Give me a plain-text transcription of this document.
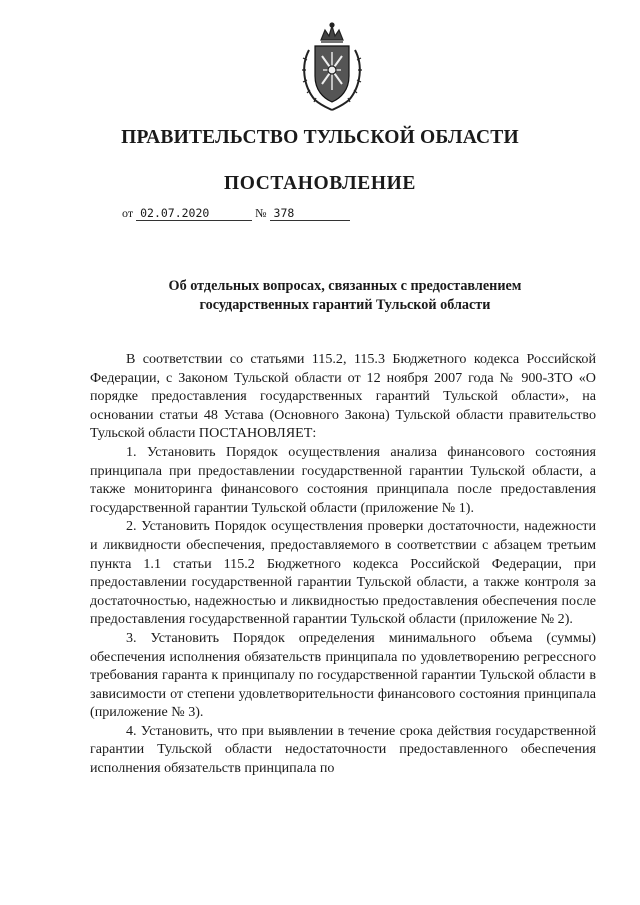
ПРАВИТЕЛЬСТВО ТУЛЬСКОЙ ОБЛАСТИ
ПОСТАНОВЛЕНИЕ
от 02.07.2020	№ 378
Об отдельных вопросах, связанных с предоставлением
государственных гарантий Тульской области

В соответствии со статьями 115.2, 115.3 Бюджетного кодекса Российской Федерации, с Законом Тульской области от 12 ноября 2007 года № 900-ЗТО «О порядке предоставления государственных гарантий Тульской области», на основании статьи 48 Устава (Основного Закона) Тульской области правительство Тульской области ПОСТАНОВЛЯЕТ:

1. Установить Порядок осуществления анализа финансового состояния принципала при предоставлении государственной гарантии Тульской области, а также мониторинга финансового состояния принципала после предоставления государственной гарантии Тульской области (приложение № 1).

2. Установить Порядок осуществления проверки достаточности, надежности и ликвидности обеспечения, предоставляемого в соответствии с абзацем третьим пункта 1.1 статьи 115.2 Бюджетного кодекса Российской Федерации, при предоставлении государственной гарантии Тульской области, а также контроля за достаточностью, надежностью и ликвидностью предоставления обеспечения после предоставления государственной гарантии Тульской области (приложение № 2).

3. Установить Порядок определения минимального объема (суммы) обеспечения исполнения обязательств принципала по удовлетворению регрессного требования гаранта к принципалу по государственной гарантии Тульской области в зависимости от степени удовлетворительности финансового состояния принципала (приложение № 3).

4. Установить, что при выявлении в течение срока действия государственной гарантии Тульской области недостаточности предоставленного обеспечения исполнения обязательств принципала по
